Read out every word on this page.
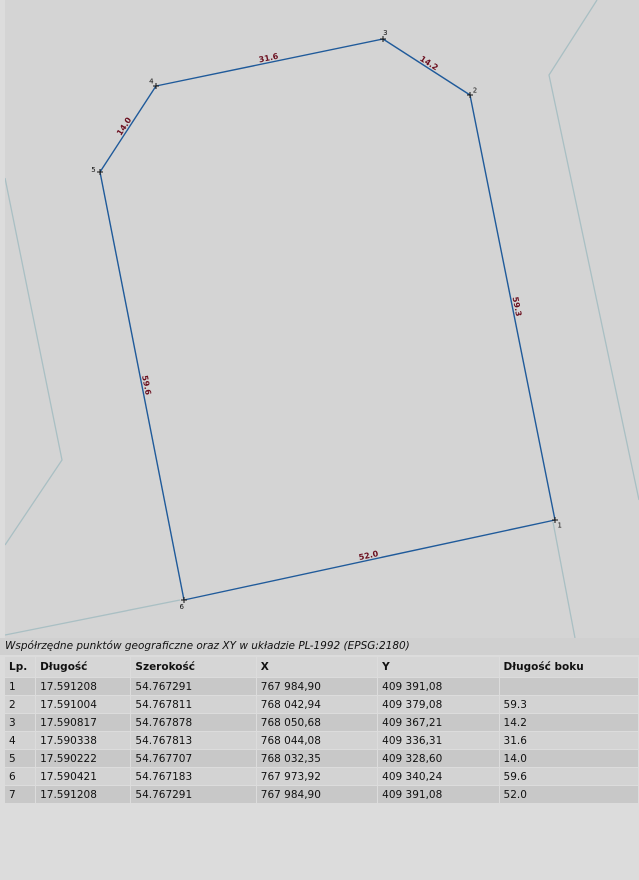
1
2
3
4
5
6
59.3
14.2
31.6
14.0
59.6
52.0
Współrzędne punktów geograficzne oraz XY w układzie PL-1992 (EPSG:2180)
Lp.	Długość	Szerokość	X	Y	Długość boku
1	17.591208	54.767291	767 984,90	409 391,08	
2	17.591004	54.767811	768 042,94	409 379,08	59.3
3	17.590817	54.767878	768 050,68	409 367,21	14.2
4	17.590338	54.767813	768 044,08	409 336,31	31.6
5	17.590222	54.767707	768 032,35	409 328,60	14.0
6	17.590421	54.767183	767 973,92	409 340,24	59.6
7	17.591208	54.767291	767 984,90	409 391,08	52.0
